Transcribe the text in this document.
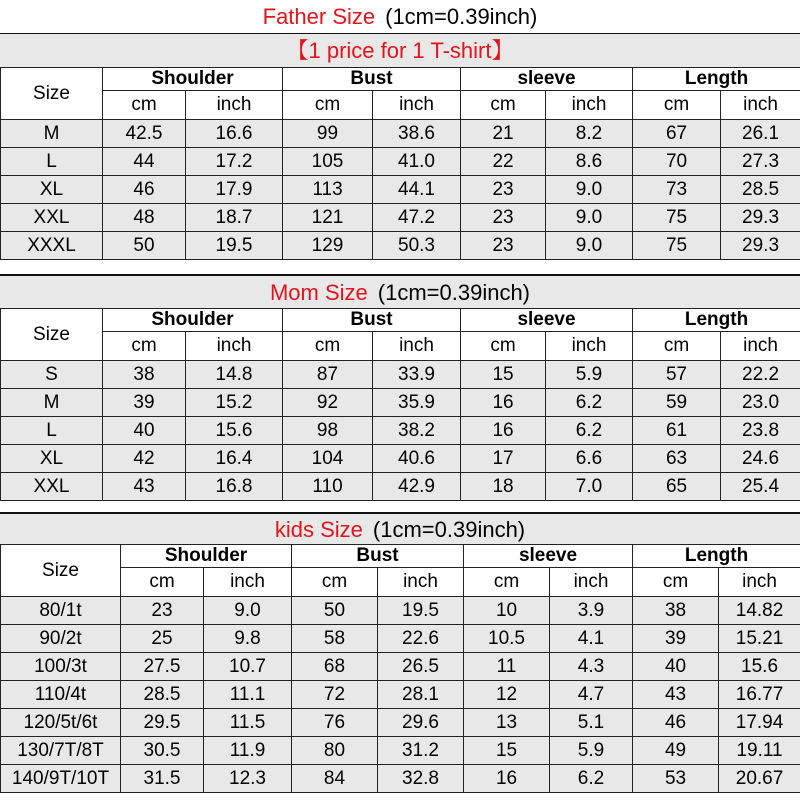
Father Size (1cm=0.39inch)
【1 price for 1 T-shirt】
Size	Shoulder		Bust		sleeve		Length	
	cm	inch	cm	inch	cm	inch	cm	inch
M	42.5	16.6	99	38.6	21	8.2	67	26.1
L	44	17.2	105	41.0	22	8.6	70	27.3
XL	46	17.9	113	44.1	23	9.0	73	28.5
XXL	48	18.7	121	47.2	23	9.0	75	29.3
XXXL	50	19.5	129	50.3	23	9.0	75	29.3
Mom Size (1cm=0.39inch)
Size	Shoulder		Bust		sleeve		Length	
	cm	inch	cm	inch	cm	inch	cm	inch
S	38	14.8	87	33.9	15	5.9	57	22.2
M	39	15.2	92	35.9	16	6.2	59	23.0
L	40	15.6	98	38.2	16	6.2	61	23.8
XL	42	16.4	104	40.6	17	6.6	63	24.6
XXL	43	16.8	110	42.9	18	7.0	65	25.4
kids Size (1cm=0.39inch)
Size	Shoulder		Bust		sleeve		Length	
	cm	inch	cm	inch	cm	inch	cm	inch
80/1t	23	9.0	50	19.5	10	3.9	38	14.82
90/2t	25	9.8	58	22.6	10.5	4.1	39	15.21
100/3t	27.5	10.7	68	26.5	11	4.3	40	15.6
110/4t	28.5	11.1	72	28.1	12	4.7	43	16.77
120/5t/6t	29.5	11.5	76	29.6	13	5.1	46	17.94
130/7T/8T	30.5	11.9	80	31.2	15	5.9	49	19.11
140/9T/10T	31.5	12.3	84	32.8	16	6.2	53	20.67
